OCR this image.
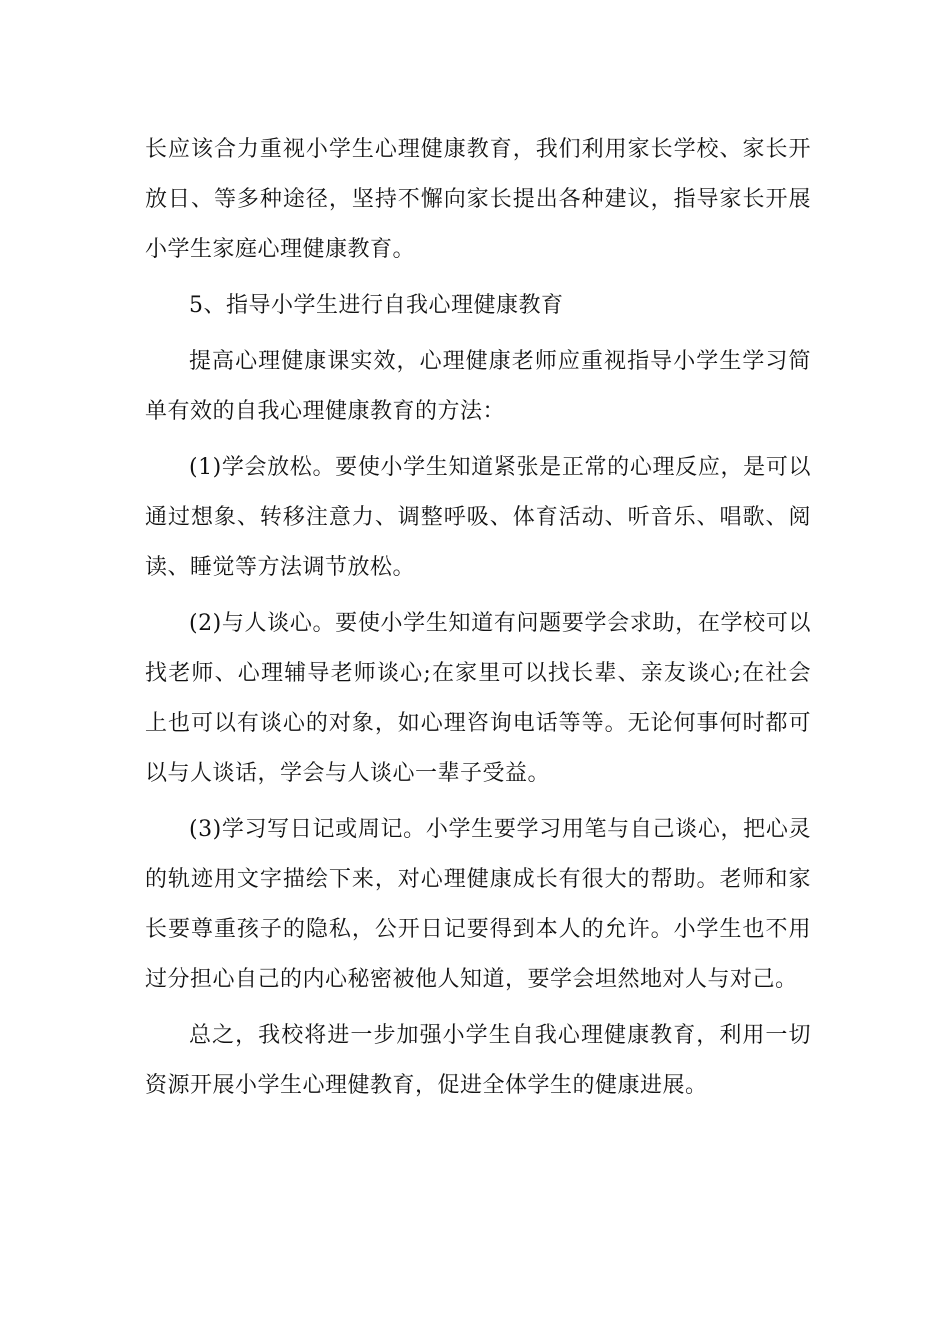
长应该合力重视小学生心理健康教育，我们利用家长学校、家长开放日、等多种途径，坚持不懈向家长提出各种建议，指导家长开展小学生家庭心理健康教育。

5、指导小学生进行自我心理健康教育

提高心理健康课实效，心理健康老师应重视指导小学生学习简单有效的自我心理健康教育的方法：

(1)学会放松。要使小学生知道紧张是正常的心理反应，是可以通过想象、转移注意力、调整呼吸、体育活动、听音乐、唱歌、阅读、睡觉等方法调节放松。

(2)与人谈心。要使小学生知道有问题要学会求助，在学校可以找老师、心理辅导老师谈心;在家里可以找长辈、亲友谈心;在社会上也可以有谈心的对象，如心理咨询电话等等。无论何事何时都可以与人谈话，学会与人谈心一辈子受益。

(3)学习写日记或周记。小学生要学习用笔与自己谈心，把心灵的轨迹用文字描绘下来，对心理健康成长有很大的帮助。老师和家长要尊重孩子的隐私，公开日记要得到本人的允许。小学生也不用过分担心自己的内心秘密被他人知道，要学会坦然地对人与对己。

总之，我校将进一步加强小学生自我心理健康教育，利用一切资源开展小学生心理健教育，促进全体学生的健康进展。
